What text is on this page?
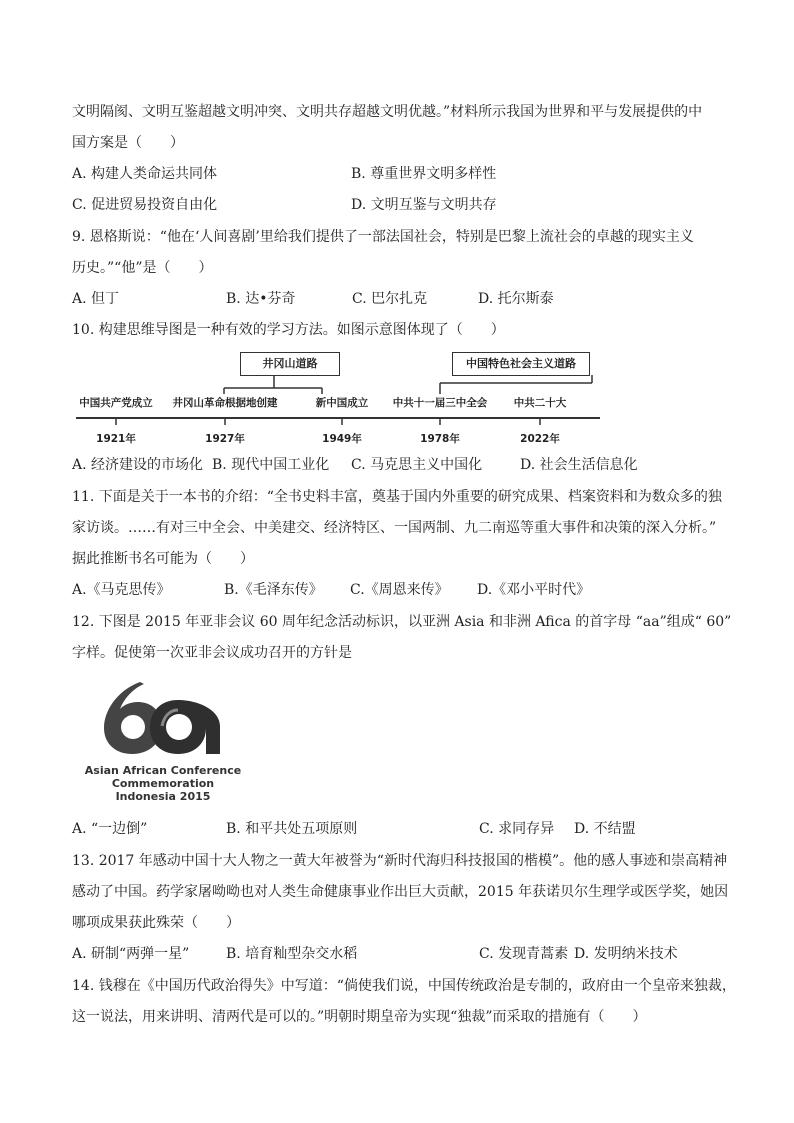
文明隔阂、文明互鉴超越文明冲突、文明共存超越文明优越。”材料所示我国为世界和平与发展提供的中
国方案是（　　）
A. 构建人类命运共同体	B. 尊重世界文明多样性
C. 促进贸易投资自由化	D. 文明互鉴与文明共存
9. 恩格斯说：“他在‘人间喜剧’里给我们提供了一部法国社会，特别是巴黎上流社会的卓越的现实主义
历史。”“他”是（　　）
A. 但丁	B. 达•芬奇	C. 巴尔扎克	D. 托尔斯泰
10. 构建思维导图是一种有效的学习方法。如图示意图体现了（　　）
井冈山道路	中国特色社会主义道路
中国共产党成立 井冈山革命根据地创建	新中国成立 中共十一届三中全会	中共二十大
1921年	1927年	1949年	1978年	2022年
A. 经济建设的市场化 B. 现代中国工业化 C. 马克思主义中国化	D. 社会生活信息化
11. 下面是关于一本书的介绍：“全书史料丰富，奠基于国内外重要的研究成果、档案资料和为数众多的独
家访谈。……有对三中全会、中美建交、经济特区、一国两制、九二南巡等重大事件和决策的深入分析。”
据此推断书名可能为（　　）
A.《马克思传》	B.《毛泽东传》 C.《周恩来传》 D.《邓小平时代》
12. 下图是 2015 年亚非会议 60 周年纪念活动标识，以亚洲 Asia 和非洲 Afica 的首字母 “aa”组成“ 60”
字样。促使第一次亚非会议成功召开的方针是
Asian African Conference
Commemoration
Indonesia 2015
A. “一边倒”	B. 和平共处五项原则	C. 求同存异 D. 不结盟
13. 2017 年感动中国十大人物之一黄大年被誉为“新时代海归科技报国的楷模”。他的感人事迹和崇高精神
感动了中国。药学家屠呦呦也对人类生命健康事业作出巨大贡献，2015 年获诺贝尔生理学或医学奖，她因
哪项成果获此殊荣（　　）
A. 研制“两弹一星”	B. 培育籼型杂交水稻	C. 发现青蒿素 D. 发明纳米技术
14. 钱穆在《中国历代政治得失》中写道：“倘使我们说，中国传统政治是专制的，政府由一个皇帝来独裁，
这一说法，用来讲明、清两代是可以的。”明朝时期皇帝为实现“独裁”而采取的措施有（　　）
